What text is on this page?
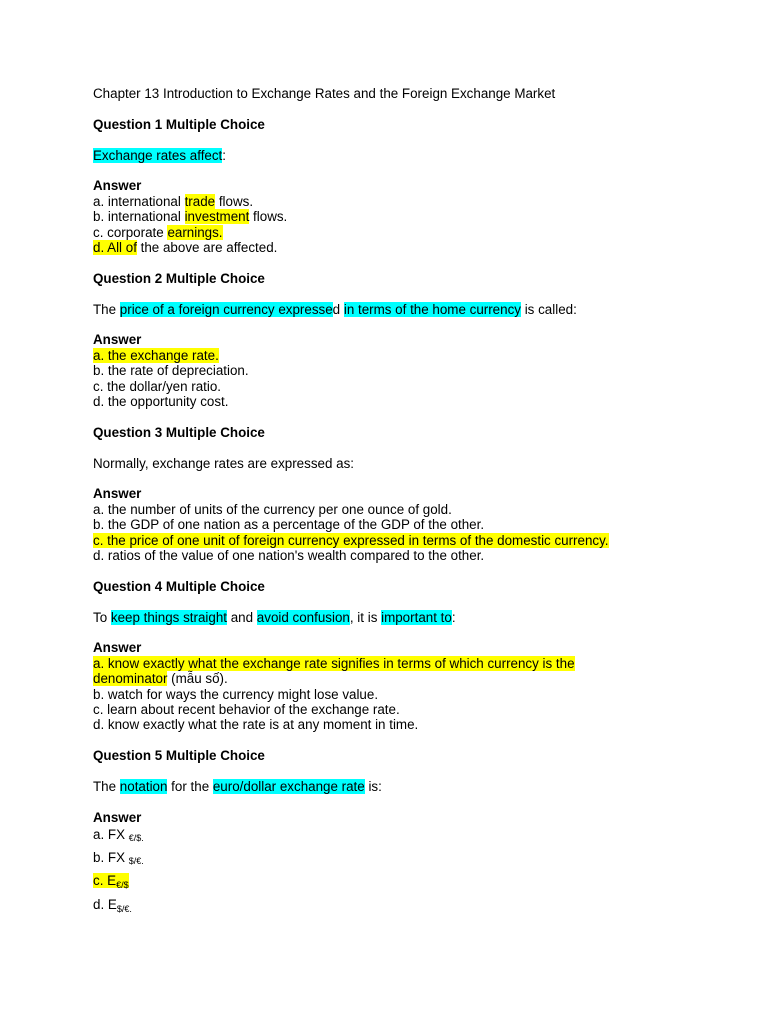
Chapter 13 Introduction to Exchange Rates and the Foreign Exchange Market
Question 1 Multiple Choice
Exchange rates affect:
Answer
a. international trade flows.
b. international investment flows.
c. corporate earnings.
d. All of the above are affected.
Question 2 Multiple Choice
The price of a foreign currency expressed in terms of the home currency is called:
Answer
a. the exchange rate.
b. the rate of depreciation.
c. the dollar/yen ratio.
d. the opportunity cost.
Question 3 Multiple Choice
Normally, exchange rates are expressed as:
Answer
a. the number of units of the currency per one ounce of gold.
b. the GDP of one nation as a percentage of the GDP of the other.
c. the price of one unit of foreign currency expressed in terms of the domestic currency.
d. ratios of the value of one nation's wealth compared to the other.
Question 4 Multiple Choice
To keep things straight and avoid confusion, it is important to:
Answer
a. know exactly what the exchange rate signifies in terms of which currency is the
denominator (mẫu số).
b. watch for ways the currency might lose value.
c. learn about recent behavior of the exchange rate.
d. know exactly what the rate is at any moment in time.
Question 5 Multiple Choice
The notation for the euro/dollar exchange rate is:
Answer
a. FX $_{€/\$.}$
b. FX $_{\$/€.}$
c. $E_{€/\$}$
d. $E_{\$/€.}$
